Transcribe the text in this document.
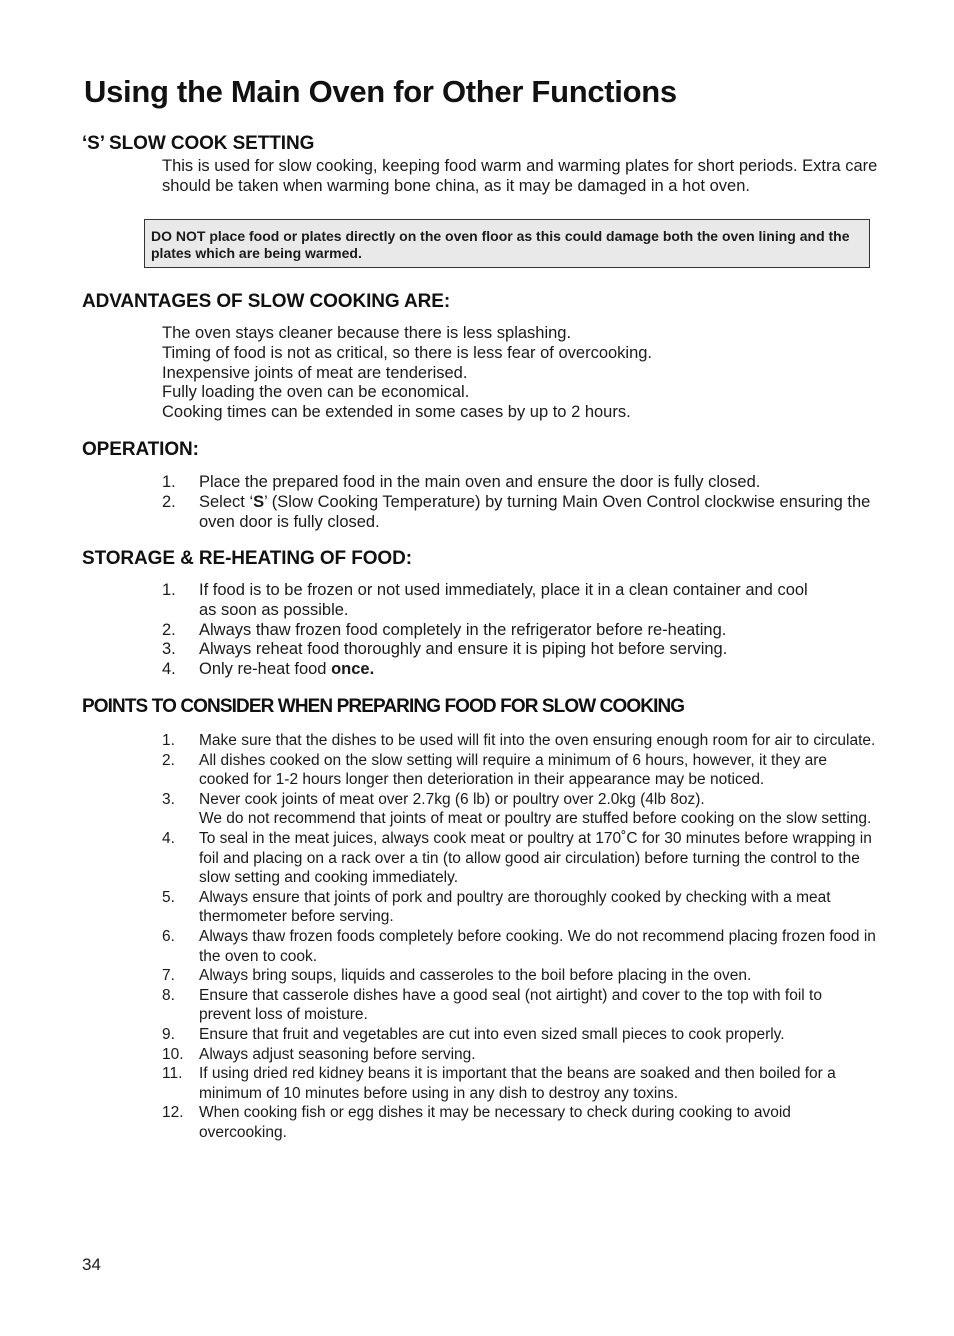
Using the Main Oven for Other Functions
‘S’ SLOW COOK SETTING

This is used for slow cooking, keeping food warm and warming plates for short periods. Extra care should be taken when warming bone china, as it may be damaged in a hot oven.

DO NOT place food or plates directly on the oven floor as this could damage both the oven lining and the plates which are being warmed.
ADVANTAGES OF SLOW COOKING ARE:
The oven stays cleaner because there is less splashing.
Timing of food is not as critical, so there is less fear of overcooking.
Inexpensive joints of meat are tenderised.
Fully loading the oven can be economical.
Cooking times can be extended in some cases by up to 2 hours.
OPERATION:
1. Place the prepared food in the main oven and ensure the door is fully closed.
2. Select ‘S’ (Slow Cooking Temperature) by turning Main Oven Control clockwise ensuring the oven door is fully closed.
STORAGE & RE-HEATING OF FOOD:
1. If food is to be frozen or not used immediately, place it in a clean container and cool as soon as possible.
2. Always thaw frozen food completely in the refrigerator before re-heating.
3. Always reheat food thoroughly and ensure it is piping hot before serving.
4. Only re-heat food once.
POINTS TO CONSIDER WHEN PREPARING FOOD FOR SLOW COOKING
1. Make sure that the dishes to be used will fit into the oven ensuring enough room for air to circulate.
2. All dishes cooked on the slow setting will require a minimum of 6 hours, however, it they are cooked for 1-2 hours longer then deterioration in their appearance may be noticed.
3. Never cook joints of meat over 2.7kg (6 lb) or poultry over 2.0kg (4lb 8oz).
We do not recommend that joints of meat or poultry are stuffed before cooking on the slow setting.
4. To seal in the meat juices, always cook meat or poultry at 170˚C for 30 minutes before wrapping in foil and placing on a rack over a tin (to allow good air circulation) before turning the control to the slow setting and cooking immediately.
5. Always ensure that joints of pork and poultry are thoroughly cooked by checking with a meat thermometer before serving.
6. Always thaw frozen foods completely before cooking. We do not recommend placing frozen food in the oven to cook.
7. Always bring soups, liquids and casseroles to the boil before placing in the oven.
8. Ensure that casserole dishes have a good seal (not airtight) and cover to the top with foil to prevent loss of moisture.
9. Ensure that fruit and vegetables are cut into even sized small pieces to cook properly.
10. Always adjust seasoning before serving.
11. If using dried red kidney beans it is important that the beans are soaked and then boiled for a minimum of 10 minutes before using in any dish to destroy any toxins.
12. When cooking fish or egg dishes it may be necessary to check during cooking to avoid overcooking.
34
